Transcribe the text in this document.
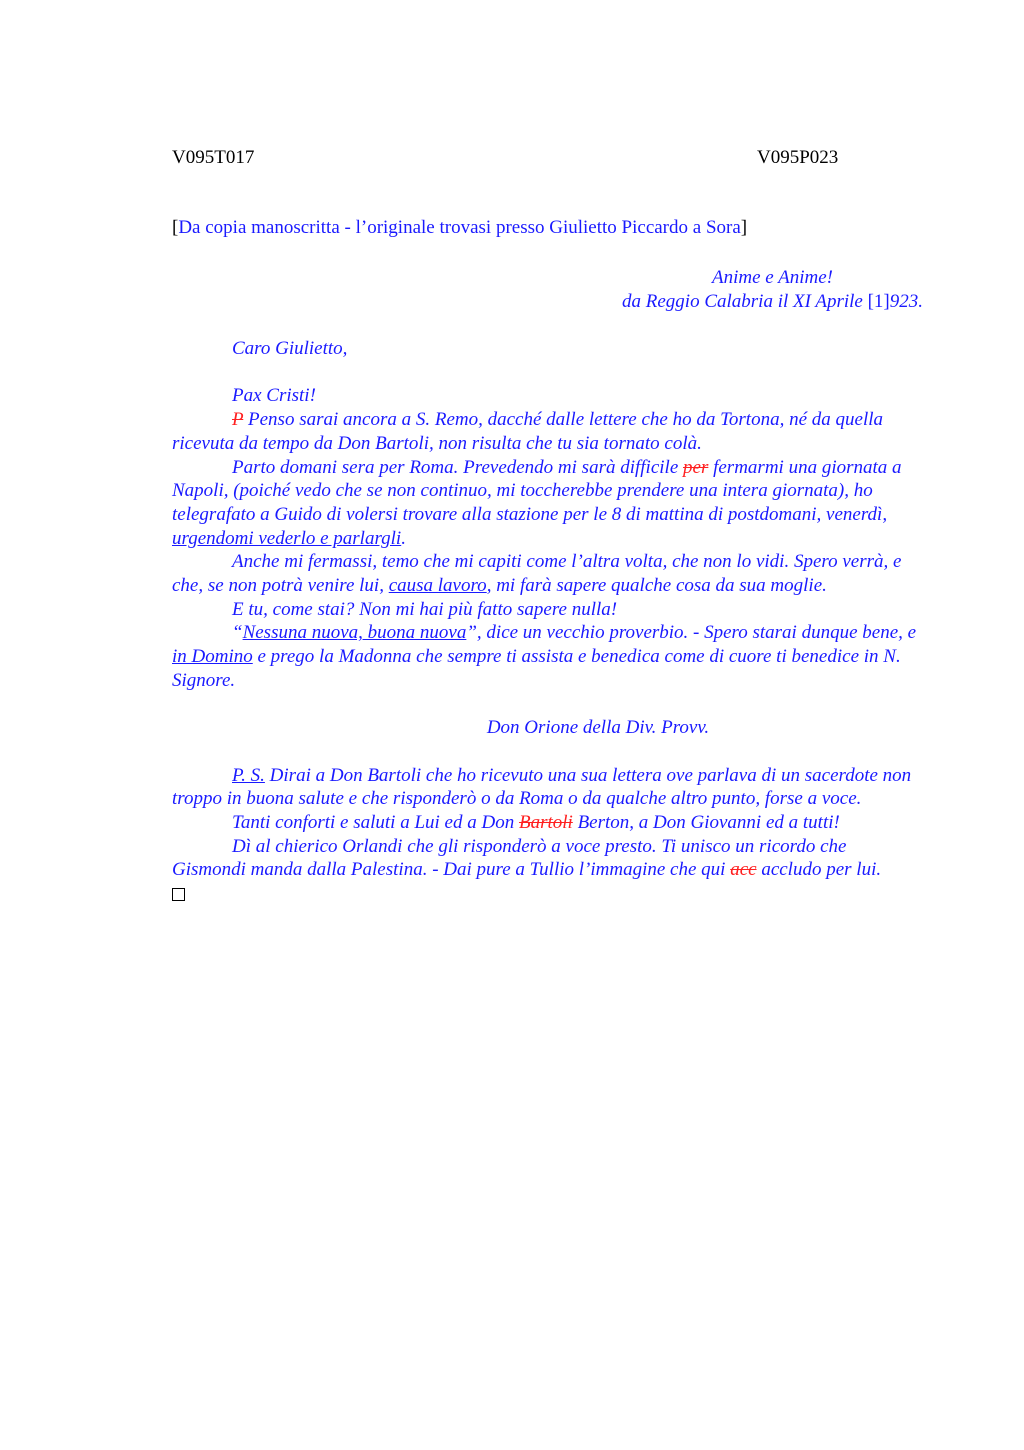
V095T017	V095P023
[Da copia manoscritta - l’originale trovasi presso Giulietto Piccardo a Sora]
Anime e Anime!
da Reggio Calabria il XI Aprile [1]923.

Caro Giulietto,

Pax Cristi!

P Penso sarai ancora a S. Remo, dacché dalle lettere che ho da Tortona, né da quella ricevuta da tempo da Don Bartoli, non risulta che tu sia tornato colà.

Parto domani sera per Roma. Prevedendo mi sarà difficile per fermarmi una giornata a Napoli, (poiché vedo che se non continuo, mi toccherebbe prendere una intera giornata), ho telegrafato a Guido di volersi trovare alla stazione per le 8 di mattina di postdomani, venerdì, urgendomi vederlo e parlargli.

Anche mi fermassi, temo che mi capiti come l’altra volta, che non lo vidi. Spero verrà, e che, se non potrà venire lui, causa lavoro, mi farà sapere qualche cosa da sua moglie.

E tu, come stai? Non mi hai più fatto sapere nulla!

“Nessuna nuova, buona nuova”, dice un vecchio proverbio. - Spero starai dunque bene, e in Domino e prego la Madonna che sempre ti assista e benedica come di cuore ti benedice in N. Signore.

Don Orione della Div. Provv.

P. S. Dirai a Don Bartoli che ho ricevuto una sua lettera ove parlava di un sacerdote non troppo in buona salute e che risponderò o da Roma o da qualche altro punto, forse a voce.

Tanti conforti e saluti a Lui ed a Don Bartoli Berton, a Don Giovanni ed a tutti!

Dì al chierico Orlandi che gli risponderò a voce presto. Ti unisco un ricordo che Gismondi manda dalla Palestina. - Dai pure a Tullio l’immagine che qui acc accludo per lui.
